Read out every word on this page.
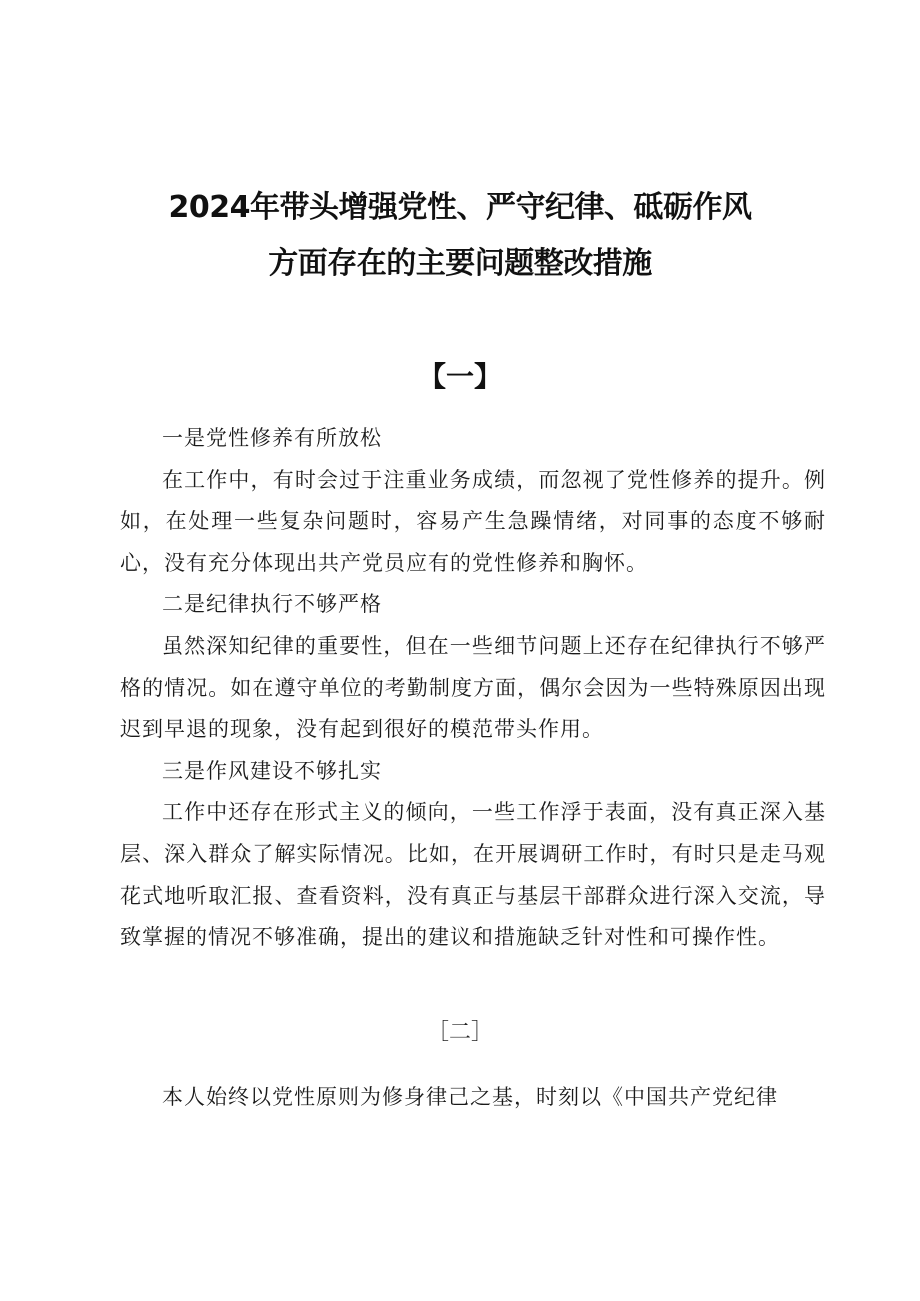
2024年带头增强党性、严守纪律、砥砺作风
方面存在的主要问题整改措施
【一】

一是党性修养有所放松

在工作中，有时会过于注重业务成绩，而忽视了党性修养的提升。例如，在处理一些复杂问题时，容易产生急躁情绪，对同事的态度不够耐心，没有充分体现出共产党员应有的党性修养和胸怀。

二是纪律执行不够严格

虽然深知纪律的重要性，但在一些细节问题上还存在纪律执行不够严格的情况。如在遵守单位的考勤制度方面，偶尔会因为一些特殊原因出现迟到早退的现象，没有起到很好的模范带头作用。

三是作风建设不够扎实

工作中还存在形式主义的倾向，一些工作浮于表面，没有真正深入基层、深入群众了解实际情况。比如，在开展调研工作时，有时只是走马观花式地听取汇报、查看资料，没有真正与基层干部群众进行深入交流，导致掌握的情况不够准确，提出的建议和措施缺乏针对性和可操作性。

［二］

本人始终以党性原则为修身律己之基，时刻以《中国共产党纪律
